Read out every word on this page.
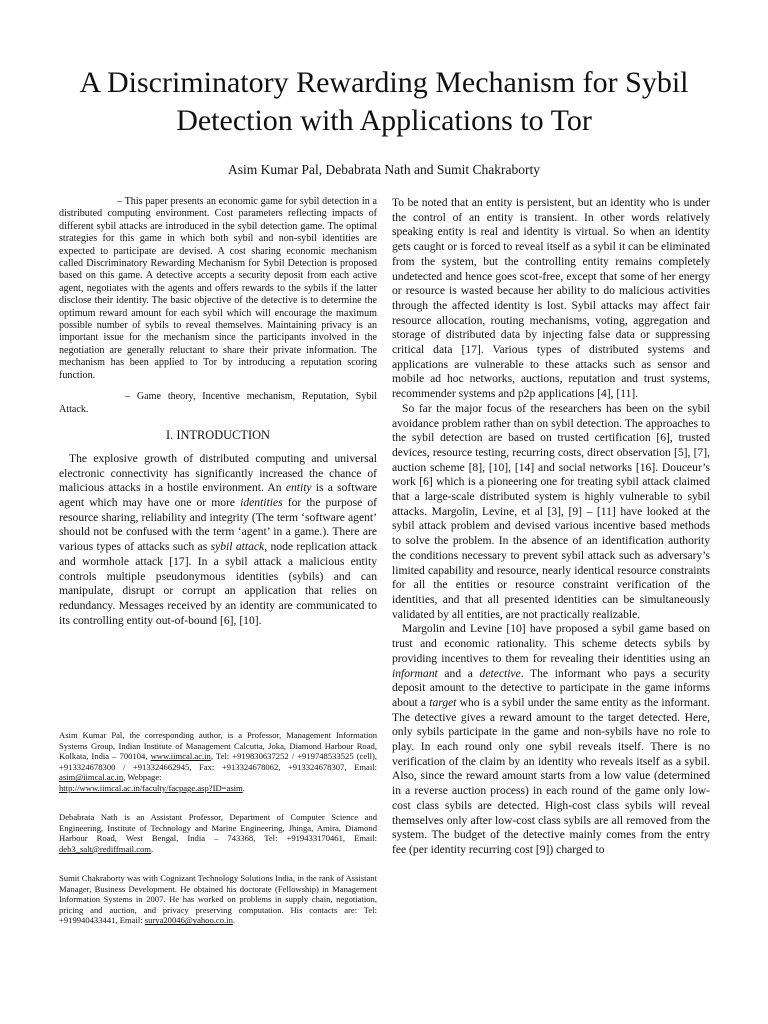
A Discriminatory Rewarding Mechanism for Sybil
Detection with Applications to Tor

Asim Kumar Pal, Debabrata Nath and Sumit Chakraborty

– This paper presents an economic game for sybil detection in a distributed computing environment. Cost parameters reflecting impacts of different sybil attacks are introduced in the sybil detection game. The optimal strategies for this game in which both sybil and non-sybil identities are expected to participate are devised. A cost sharing economic mechanism called Discriminatory Rewarding Mechanism for Sybil Detection is proposed based on this game. A detective accepts a security deposit from each active agent, negotiates with the agents and offers rewards to the sybils if the latter disclose their identity. The basic objective of the detective is to determine the optimum reward amount for each sybil which will encourage the maximum possible number of sybils to reveal themselves. Maintaining privacy is an important issue for the mechanism since the participants involved in the negotiation are generally reluctant to share their private information. The mechanism has been applied to Tor by introducing a reputation scoring function.

– Game theory, Incentive mechanism, Reputation, Sybil Attack.

I. INTRODUCTION

The explosive growth of distributed computing and universal electronic connectivity has significantly increased the chance of malicious attacks in a hostile environment. An entity is a software agent which may have one or more identities for the purpose of resource sharing, reliability and integrity (The term ‘software agent’ should not be confused with the term ‘agent’ in a game.). There are various types of attacks such as sybil attack, node replication attack and wormhole attack [17]. In a sybil attack a malicious entity controls multiple pseudonymous identities (sybils) and can manipulate, disrupt or corrupt an application that relies on redundancy. Messages received by an identity are communicated to its controlling entity out-of-bound [6], [10].

Asim Kumar Pal, the corresponding author, is a Professor, Management Information Systems Group, Indian Institute of Management Calcutta, Joka, Diamond Harbour Road, Kolkata, India – 700104, www.iimcal.ac.in, Tel: +919830637252 / +919748533525 (cell), +913324678300 / +913324662945, Fax: +913324678062, +913324678307, Email: asim@iimcal.ac.in, Webpage:
http://www.iimcal.ac.in/faculty/facpage.asp?ID=asim.

Debabrata Nath is an Assistant Professor, Department of Computer Science and Engineering, Institute of Technology and Marine Engineering, Jhinga, Amira, Diamond Harbour Road, West Bengal, India – 743368, Tel: +919433170461, Email: deb3_salt@rediffmail.com.

Sumit Chakraborty was with Cognizant Technology Solutions India, in the rank of Assistant Manager, Business Development. He obtained his doctorate (Fellowship) in Management Information Systems in 2007. He has worked on problems in supply chain, negotiation, pricing and auction, and privacy preserving computation. His contacts are: Tel: +919940433441, Email: surya20046@yahoo.co.in.

To be noted that an entity is persistent, but an identity who is under the control of an entity is transient. In other words relatively speaking entity is real and identity is virtual. So when an identity gets caught or is forced to reveal itself as a sybil it can be eliminated from the system, but the controlling entity remains completely undetected and hence goes scot-free, except that some of her energy or resource is wasted because her ability to do malicious activities through the affected identity is lost. Sybil attacks may affect fair resource allocation, routing mechanisms, voting, aggregation and storage of distributed data by injecting false data or suppressing critical data [17]. Various types of distributed systems and applications are vulnerable to these attacks such as sensor and mobile ad hoc networks, auctions, reputation and trust systems, recommender systems and p2p applications [4], [11].

So far the major focus of the researchers has been on the sybil avoidance problem rather than on sybil detection. The approaches to the sybil detection are based on trusted certification [6], trusted devices, resource testing, recurring costs, direct observation [5], [7], auction scheme [8], [10], [14] and social networks [16]. Douceur’s work [6] which is a pioneering one for treating sybil attack claimed that a large-scale distributed system is highly vulnerable to sybil attacks. Margolin, Levine, et al [3], [9] – [11] have looked at the sybil attack problem and devised various incentive based methods to solve the problem. In the absence of an identification authority the conditions necessary to prevent sybil attack such as adversary’s limited capability and resource, nearly identical resource constraints for all the entities or resource constraint verification of the identities, and that all presented identities can be simultaneously validated by all entities, are not practically realizable.

Margolin and Levine [10] have proposed a sybil game based on trust and economic rationality. This scheme detects sybils by providing incentives to them for revealing their identities using an informant and a detective. The informant who pays a security deposit amount to the detective to participate in the game informs about a target who is a sybil under the same entity as the informant. The detective gives a reward amount to the target detected. Here, only sybils participate in the game and non-sybils have no role to play. In each round only one sybil reveals itself. There is no verification of the claim by an identity who reveals itself as a sybil. Also, since the reward amount starts from a low value (determined in a reverse auction process) in each round of the game only low-cost class sybils are detected. High-cost class sybils will reveal themselves only after low-cost class sybils are all removed from the system. The budget of the detective mainly comes from the entry fee (per identity recurring cost [9]) charged to
